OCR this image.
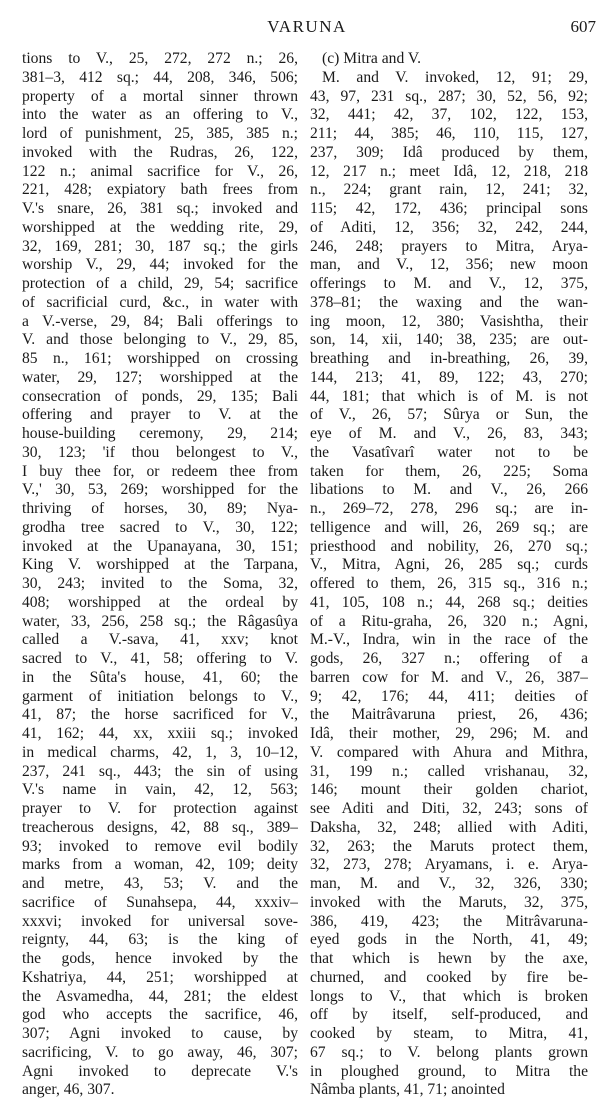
VARUNA	607
tions to V., 25, 272, 272 n.; 26,
381–3, 412 sq.; 44, 208, 346, 506;
property of a mortal sinner thrown
into the water as an offering to V.,
lord of punishment, 25, 385, 385 n.;
invoked with the Rudras, 26, 122,
122 n.; animal sacrifice for V., 26,
221, 428; expiatory bath frees from
V.'s snare, 26, 381 sq.; invoked and
worshipped at the wedding rite, 29,
32, 169, 281; 30, 187 sq.; the girls
worship V., 29, 44; invoked for the
protection of a child, 29, 54; sacrifice
of sacrificial curd, &c., in water with
a V.-verse, 29, 84; Bali offerings to
V. and those belonging to V., 29, 85,
85 n., 161; worshipped on crossing
water, 29, 127; worshipped at the
consecration of ponds, 29, 135; Bali
offering and prayer to V. at the
house-building ceremony, 29, 214;
30, 123; 'if thou belongest to V.,
I buy thee for, or redeem thee from
V.,' 30, 53, 269; worshipped for the
thriving of horses, 30, 89; Nya-
grodha tree sacred to V., 30, 122;
invoked at the Upanayana, 30, 151;
King V. worshipped at the Tarpana,
30, 243; invited to the Soma, 32,
408; worshipped at the ordeal by
water, 33, 256, 258 sq.; the Râgasûya
called a V.-sava, 41, xxv; knot
sacred to V., 41, 58; offering to V.
in the Sûta's house, 41, 60; the
garment of initiation belongs to V.,
41, 87; the horse sacrificed for V.,
41, 162; 44, xx, xxiii sq.; invoked
in medical charms, 42, 1, 3, 10–12,
237, 241 sq., 443; the sin of using
V.'s name in vain, 42, 12, 563;
prayer to V. for protection against
treacherous designs, 42, 88 sq., 389–
93; invoked to remove evil bodily
marks from a woman, 42, 109; deity
and metre, 43, 53; V. and the
sacrifice of Sunahsepa, 44, xxxiv–
xxxvi; invoked for universal sove-
reignty, 44, 63; is the king of
the gods, hence invoked by the
Kshatriya, 44, 251; worshipped at
the Asvamedha, 44, 281; the eldest
god who accepts the sacrifice, 46,
307; Agni invoked to cause, by
sacrificing, V. to go away, 46, 307;
Agni invoked to deprecate V.'s
anger, 46, 307.
(c) Mitra and V.
M. and V. invoked, 12, 91; 29,
43, 97, 231 sq., 287; 30, 52, 56, 92;
32, 441; 42, 37, 102, 122, 153,
211; 44, 385; 46, 110, 115, 127,
237, 309; Idâ produced by them,
12, 217 n.; meet Idâ, 12, 218, 218
n., 224; grant rain, 12, 241; 32,
115; 42, 172, 436; principal sons
of Aditi, 12, 356; 32, 242, 244,
246, 248; prayers to Mitra, Arya-
man, and V., 12, 356; new moon
offerings to M. and V., 12, 375,
378–81; the waxing and the wan-
ing moon, 12, 380; Vasishtha, their
son, 14, xii, 140; 38, 235; are out-
breathing and in-breathing, 26, 39,
144, 213; 41, 89, 122; 43, 270;
44, 181; that which is of M. is not
of V., 26, 57; Sûrya or Sun, the
eye of M. and V., 26, 83, 343;
the Vasatîvarî water not to be
taken for them, 26, 225; Soma
libations to M. and V., 26, 266
n., 269–72, 278, 296 sq.; are in-
telligence and will, 26, 269 sq.; are
priesthood and nobility, 26, 270 sq.;
V., Mitra, Agni, 26, 285 sq.; curds
offered to them, 26, 315 sq., 316 n.;
41, 105, 108 n.; 44, 268 sq.; deities
of a Ritu-graha, 26, 320 n.; Agni,
M.-V., Indra, win in the race of the
gods, 26, 327 n.; offering of a
barren cow for M. and V., 26, 387–
9; 42, 176; 44, 411; deities of
the Maitrâvaruna priest, 26, 436;
Idâ, their mother, 29, 296; M. and
V. compared with Ahura and Mithra,
31, 199 n.; called vrishanau, 32,
146; mount their golden chariot,
see Aditi and Diti, 32, 243; sons of
Daksha, 32, 248; allied with Aditi,
32, 263; the Maruts protect them,
32, 273, 278; Aryamans, i. e. Arya-
man, M. and V., 32, 326, 330;
invoked with the Maruts, 32, 375,
386, 419, 423; the Mitrâvaruna-
eyed gods in the North, 41, 49;
that which is hewn by the axe,
churned, and cooked by fire be-
longs to V., that which is broken
off by itself, self-produced, and
cooked by steam, to Mitra, 41,
67 sq.; to V. belong plants grown
in ploughed ground, to Mitra the
Nâmba plants, 41, 71; anointed
